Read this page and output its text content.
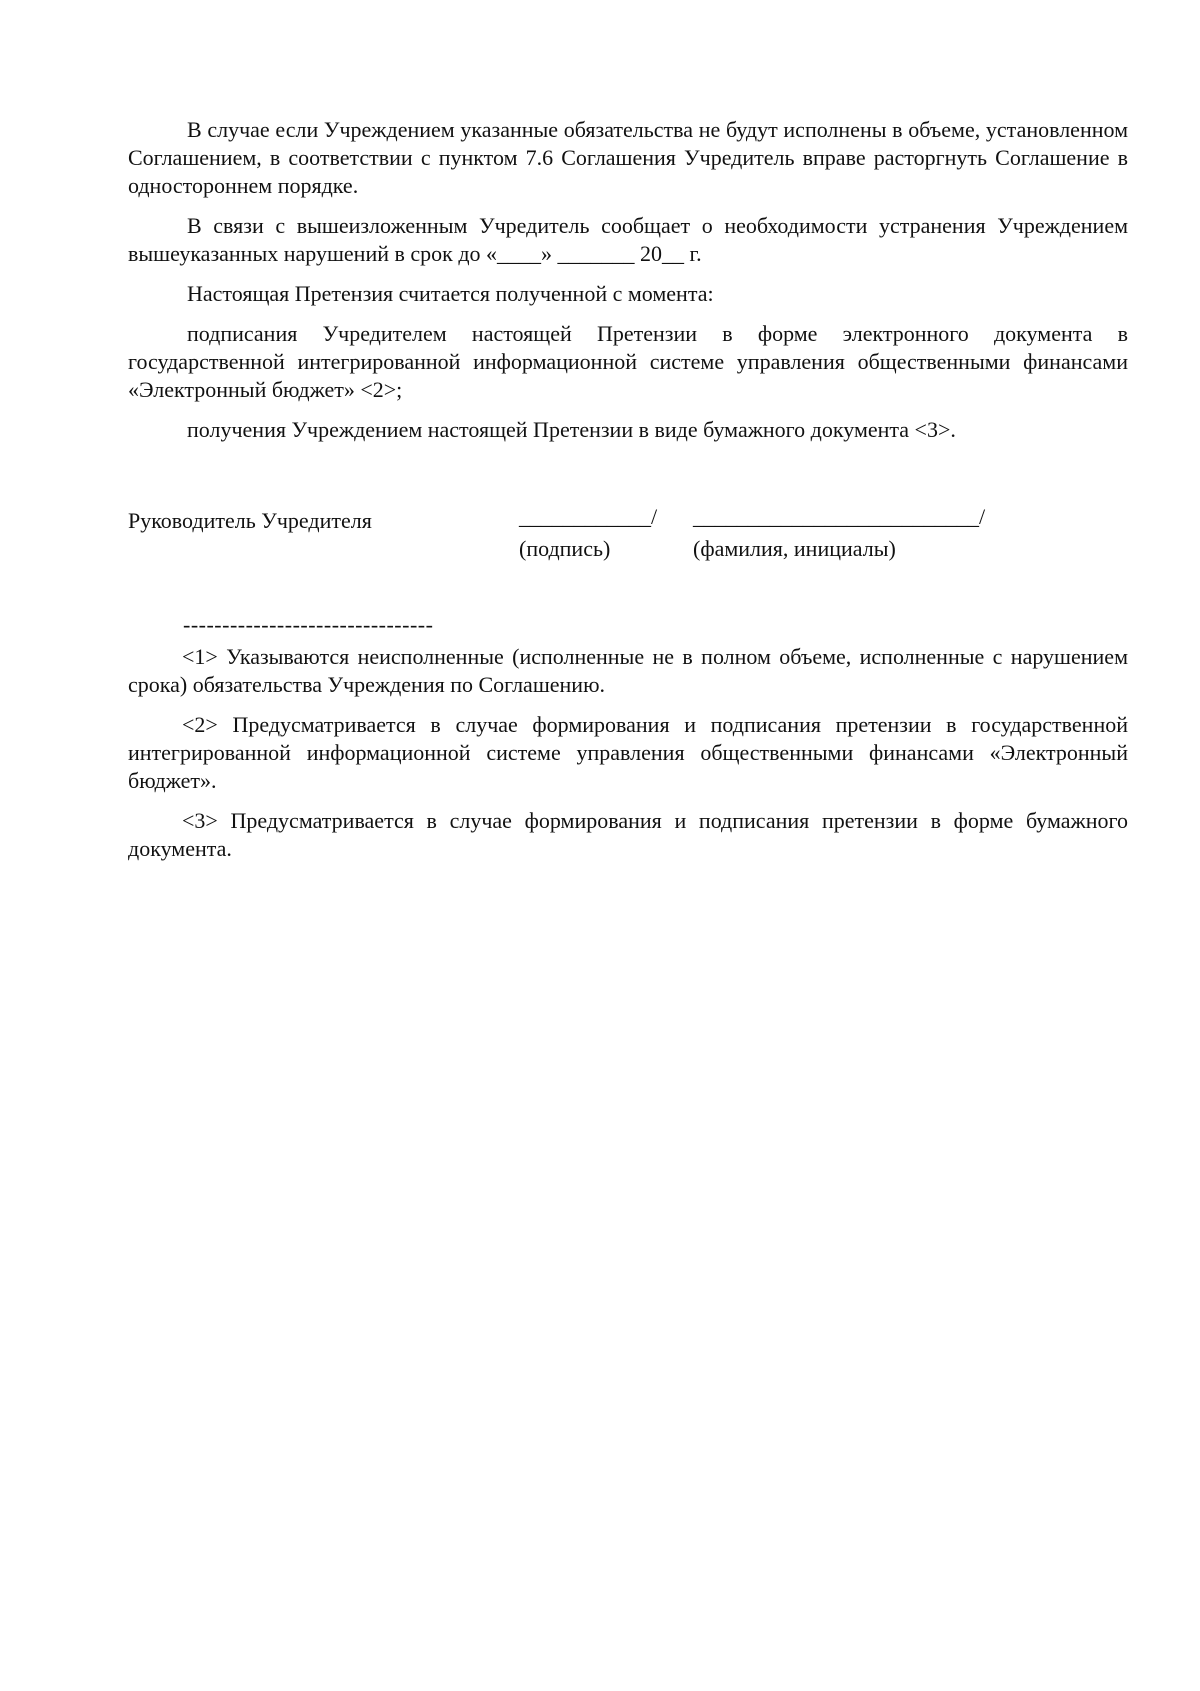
В случае если Учреждением указанные обязательства не будут исполнены в объеме, установленном Соглашением, в соответствии с пунктом 7.6 Соглашения Учредитель вправе расторгнуть Соглашение в одностороннем порядке.

В связи с вышеизложенным Учредитель сообщает о необходимости устранения Учреждением вышеуказанных нарушений в срок до «____» _______ 20__ г.

Настоящая Претензия считается полученной с момента:

подписания Учредителем настоящей Претензии в форме электронного документа в государственной интегрированной информационной системе управления общественными финансами «Электронный бюджет» <2>;

получения Учреждением настоящей Претензии в виде бумажного документа <3>.

Руководитель Учредителя	____________/ __________________________/
(подпись)	(фамилия, инициалы)
--------------------------------

<1> Указываются неисполненные (исполненные не в полном объеме, исполненные с нарушением срока) обязательства Учреждения по Соглашению.

<2> Предусматривается в случае формирования и подписания претензии в государственной интегрированной информационной системе управления общественными финансами «Электронный бюджет».

<3> Предусматривается в случае формирования и подписания претензии в форме бумажного документа.
